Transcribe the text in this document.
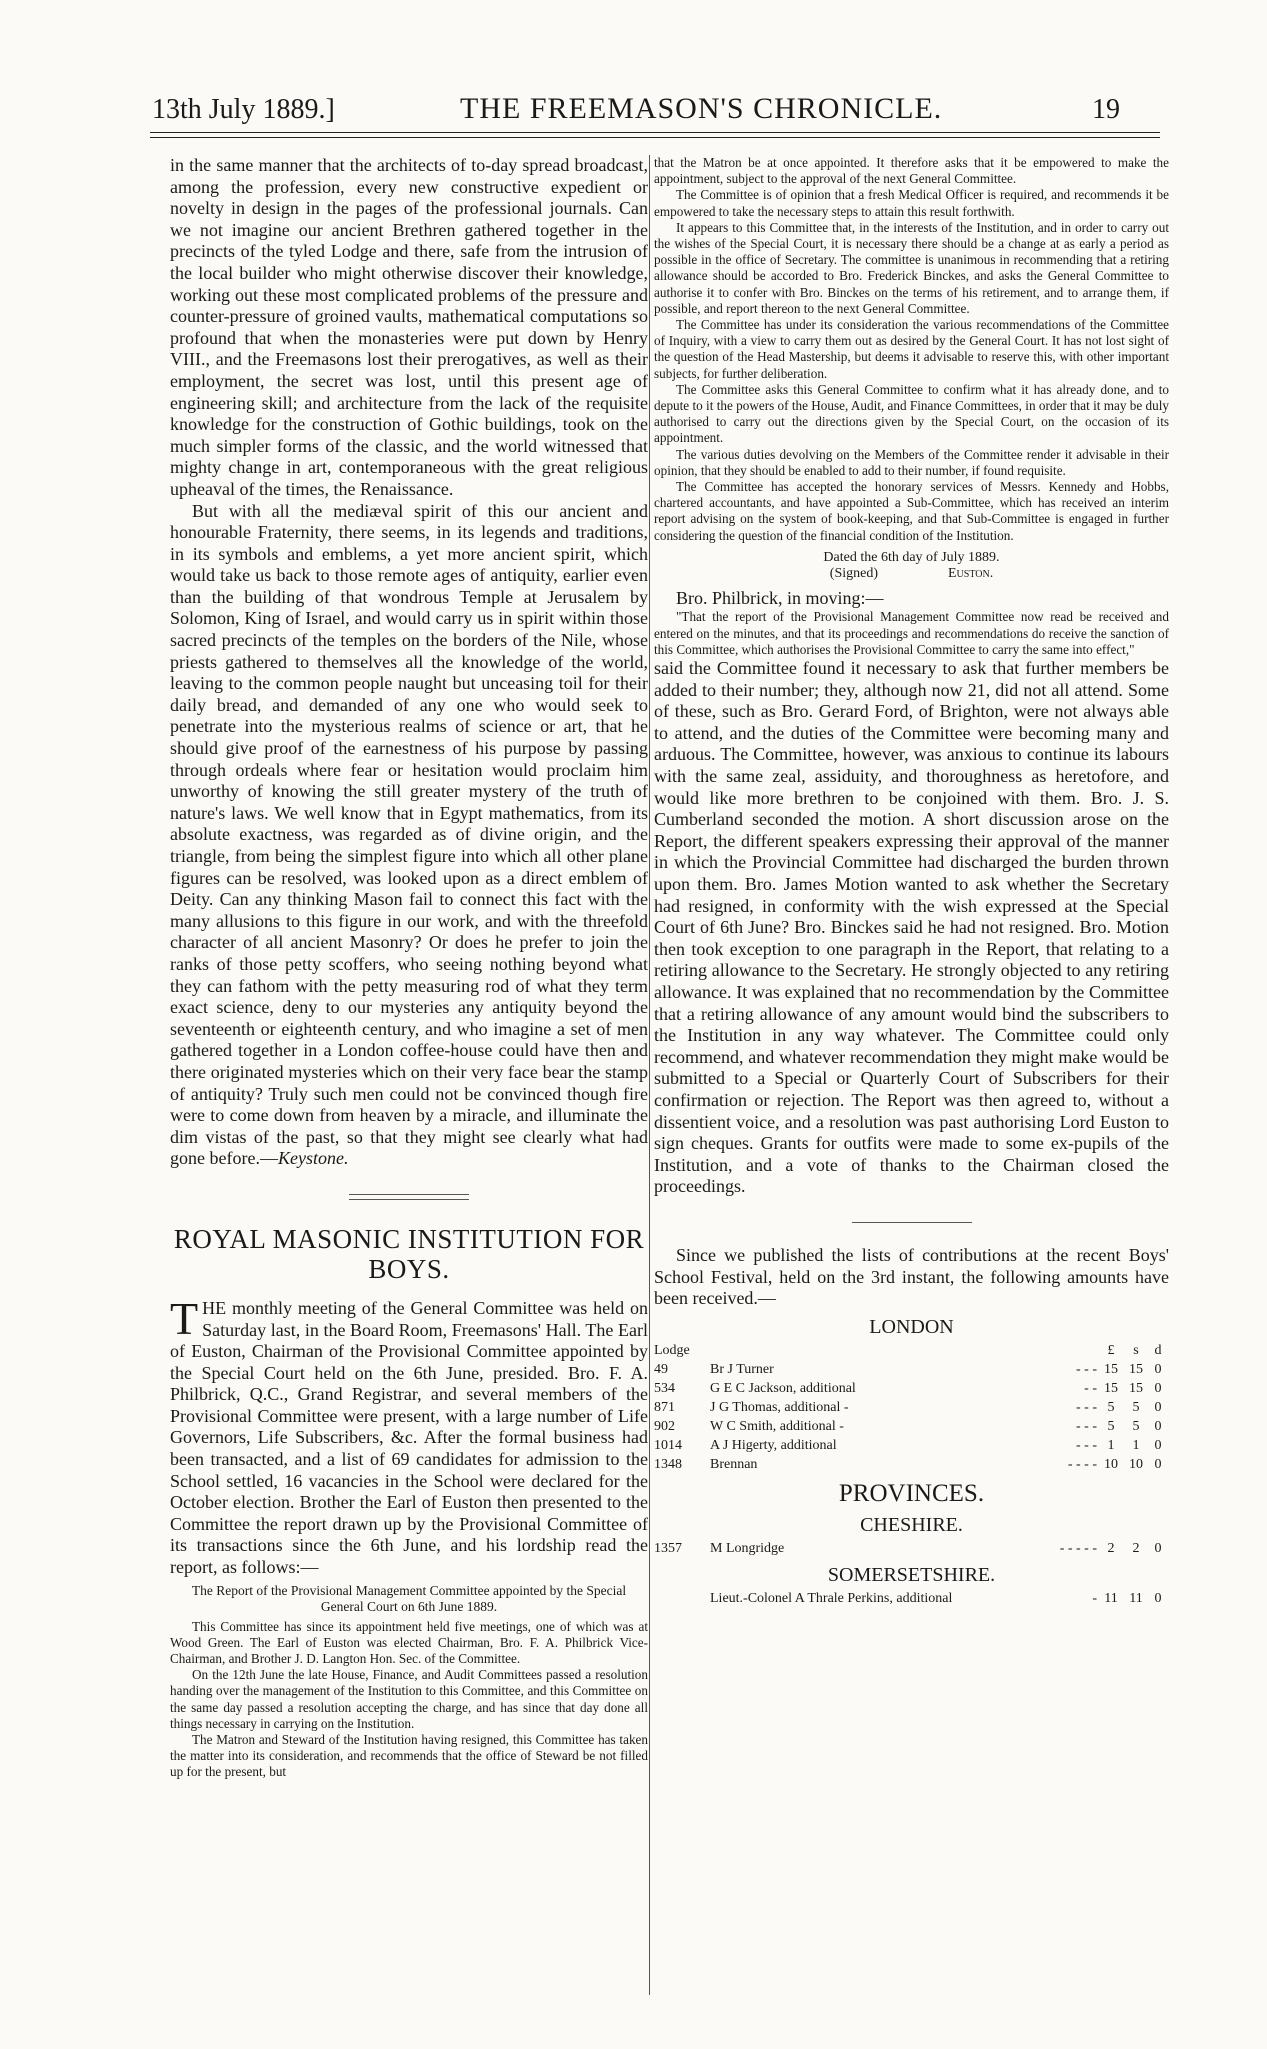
13th July 1889.]	THE FREEMASON'S CHRONICLE.	19

in the same manner that the architects of to-day spread broadcast, among the profession, every new constructive expedient or novelty in design in the pages of the professional journals. Can we not imagine our ancient Brethren gathered together in the precincts of the tyled Lodge and there, safe from the intrusion of the local builder who might otherwise discover their knowledge, working out these most complicated problems of the pressure and counter-pressure of groined vaults, mathematical computations so profound that when the monasteries were put down by Henry VIII., and the Freemasons lost their prerogatives, as well as their employment, the secret was lost, until this present age of engineering skill; and architecture from the lack of the requisite knowledge for the construction of Gothic buildings, took on the much simpler forms of the classic, and the world witnessed that mighty change in art, contemporaneous with the great religious upheaval of the times, the Renaissance.

But with all the mediæval spirit of this our ancient and honourable Fraternity, there seems, in its legends and traditions, in its symbols and emblems, a yet more ancient spirit, which would take us back to those remote ages of antiquity, earlier even than the building of that wondrous Temple at Jerusalem by Solomon, King of Israel, and would carry us in spirit within those sacred precincts of the temples on the borders of the Nile, whose priests gathered to themselves all the knowledge of the world, leaving to the common people naught but unceasing toil for their daily bread, and demanded of any one who would seek to penetrate into the mysterious realms of science or art, that he should give proof of the earnestness of his purpose by passing through ordeals where fear or hesitation would proclaim him unworthy of knowing the still greater mystery of the truth of nature's laws. We well know that in Egypt mathematics, from its absolute exactness, was regarded as of divine origin, and the triangle, from being the simplest figure into which all other plane figures can be resolved, was looked upon as a direct emblem of Deity. Can any thinking Mason fail to connect this fact with the many allusions to this figure in our work, and with the threefold character of all ancient Masonry? Or does he prefer to join the ranks of those petty scoffers, who seeing nothing beyond what they can fathom with the petty measuring rod of what they term exact science, deny to our mysteries any antiquity beyond the seventeenth or eighteenth century, and who imagine a set of men gathered together in a London coffee-house could have then and there originated mysteries which on their very face bear the stamp of antiquity? Truly such men could not be convinced though fire were to come down from heaven by a miracle, and illuminate the dim vistas of the past, so that they might see clearly what had gone before.—Keystone.

ROYAL MASONIC INSTITUTION FOR BOYS.

THE monthly meeting of the General Committee was held on Saturday last, in the Board Room, Freemasons' Hall. The Earl of Euston, Chairman of the Provisional Committee appointed by the Special Court held on the 6th June, presided. Bro. F. A. Philbrick, Q.C., Grand Registrar, and several members of the Provisional Committee were present, with a large number of Life Governors, Life Subscribers, &c. After the formal business had been transacted, and a list of 69 candidates for admission to the School settled, 16 vacancies in the School were declared for the October election. Brother the Earl of Euston then presented to the Committee the report drawn up by the Provisional Committee of its transactions since the 6th June, and his lordship read the report, as follows:—

The Report of the Provisional Management Committee appointed by the Special General Court on 6th June 1889.

This Committee has since its appointment held five meetings, one of which was at Wood Green. The Earl of Euston was elected Chairman, Bro. F. A. Philbrick Vice-Chairman, and Brother J. D. Langton Hon. Sec. of the Committee.

On the 12th June the late House, Finance, and Audit Committees passed a resolution handing over the management of the Institution to this Committee, and this Committee on the same day passed a resolution accepting the charge, and has since that day done all things necessary in carrying on the Institution.

The Matron and Steward of the Institution having resigned, this Committee has taken the matter into its consideration, and recommends that the office of Steward be not filled up for the present, but

that the Matron be at once appointed. It therefore asks that it be empowered to make the appointment, subject to the approval of the next General Committee.

The Committee is of opinion that a fresh Medical Officer is required, and recommends it be empowered to take the necessary steps to attain this result forthwith.

It appears to this Committee that, in the interests of the Institution, and in order to carry out the wishes of the Special Court, it is necessary there should be a change at as early a period as possible in the office of Secretary. The committee is unanimous in recommending that a retiring allowance should be accorded to Bro. Frederick Binckes, and asks the General Committee to authorise it to confer with Bro. Binckes on the terms of his retirement, and to arrange them, if possible, and report thereon to the next General Committee.

The Committee has under its consideration the various recommendations of the Committee of Inquiry, with a view to carry them out as desired by the General Court. It has not lost sight of the question of the Head Mastership, but deems it advisable to reserve this, with other important subjects, for further deliberation.

The Committee asks this General Committee to confirm what it has already done, and to depute to it the powers of the House, Audit, and Finance Committees, in order that it may be duly authorised to carry out the directions given by the Special Court, on the occasion of its appointment.

The various duties devolving on the Members of the Committee render it advisable in their opinion, that they should be enabled to add to their number, if found requisite.

The Committee has accepted the honorary services of Messrs. Kennedy and Hobbs, chartered accountants, and have appointed a Sub-Committee, which has received an interim report advising on the system of book-keeping, and that Sub-Committee is engaged in further considering the question of the financial condition of the Institution.

Dated the 6th day of July 1889.
(Signed)	Euston.

Bro. Philbrick, in moving:—

"That the report of the Provisional Management Committee now read be received and entered on the minutes, and that its proceedings and recommendations do receive the sanction of this Committee, which authorises the Provisional Committee to carry the same into effect,"

said the Committee found it necessary to ask that further members be added to their number; they, although now 21, did not all attend. Some of these, such as Bro. Gerard Ford, of Brighton, were not always able to attend, and the duties of the Committee were becoming many and arduous. The Committee, however, was anxious to continue its labours with the same zeal, assiduity, and thoroughness as heretofore, and would like more brethren to be conjoined with them. Bro. J. S. Cumberland seconded the motion. A short discussion arose on the Report, the different speakers expressing their approval of the manner in which the Provincial Committee had discharged the burden thrown upon them. Bro. James Motion wanted to ask whether the Secretary had resigned, in conformity with the wish expressed at the Special Court of 6th June? Bro. Binckes said he had not resigned. Bro. Motion then took exception to one paragraph in the Report, that relating to a retiring allowance to the Secretary. He strongly objected to any retiring allowance. It was explained that no recommendation by the Committee that a retiring allowance of any amount would bind the subscribers to the Institution in any way whatever. The Committee could only recommend, and whatever recommendation they might make would be submitted to a Special or Quarterly Court of Subscribers for their confirmation or rejection. The Report was then agreed to, without a dissentient voice, and a resolution was past authorising Lord Euston to sign cheques. Grants for outfits were made to some ex-pupils of the Institution, and a vote of thanks to the Chairman closed the proceedings.

Since we published the lists of contributions at the recent Boys' School Festival, held on the 3rd instant, the following amounts have been received.—

LONDON
Lodge			£	s	d
49	Br J Turner	- - -	15	15	0
534	G E C Jackson, additional	- -	15	15	0
871	J G Thomas, additional -	- - -	5	5	0
902	W C Smith, additional -	- - -	5	5	0
1014	A J Higerty, additional	- - -	1	1	0
1348	Brennan	- - - -	10	10	0
PROVINCES.
CHESHIRE.
1357	M Longridge	- - - - -	2	2	0
SOMERSETSHIRE.
	Lieut.-Colonel A Thrale Perkins, additional	-	11	11	0
